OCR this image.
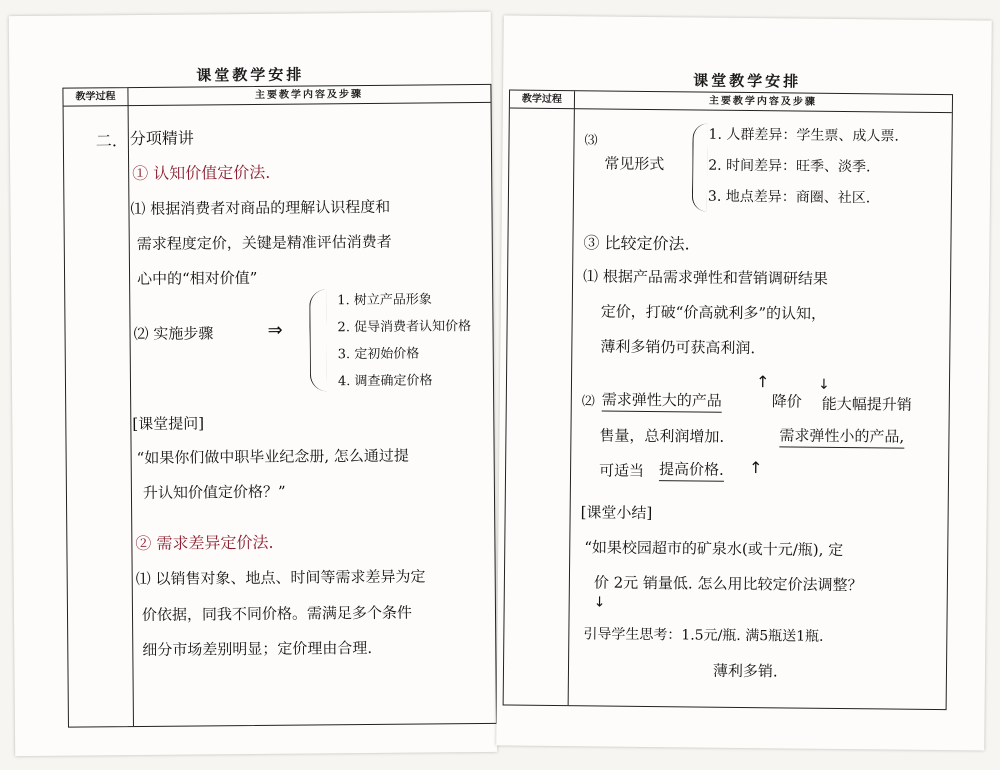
课堂教学安排
教学过程	主要教学内容及步骤
二. 分项精讲
① 认知价值定价法.
⑴ 根据消费者对商品的理解认识程度和
需求程度定价，关键是精准评估消费者
心中的“相对价值”
⑵ 实施步骤	⇒
1. 树立产品形象
2. 促导消费者认知价格
3. 定初始价格
4. 调查确定价格
[课堂提问]
“如果你们做中职毕业纪念册, 怎么通过提
升认知价值定价格？”
② 需求差异定价法.
⑴ 以销售对象、地点、时间等需求差异为定
价依据，同我不同价格。需满足多个条件
细分市场差别明显；定价理由合理.
课堂教学安排
教学过程	主要教学内容及步骤
⑶
常见形式
1. 人群差异：学生票、成人票.
2. 时间差异：旺季、淡季.
3. 地点差异：商圈、社区.
③ 比较定价法.
⑴ 根据产品需求弹性和营销调研结果
定价，打破“价高就利多”的认知，
薄利多销仍可获高利润.
⑵ 需求弹性大的产品
↑
降价
↓
能大幅提升销
售量，总利润增加.	需求弹性小的产品,
可适当 提高价格. ↑
[课堂小结]
“如果校园超市的矿泉水(或十元/瓶), 定
价 2元 销量低. 怎么用比较定价法调整？
↓
引导学生思考：1.5元/瓶. 满5瓶送1瓶.
薄利多销.
